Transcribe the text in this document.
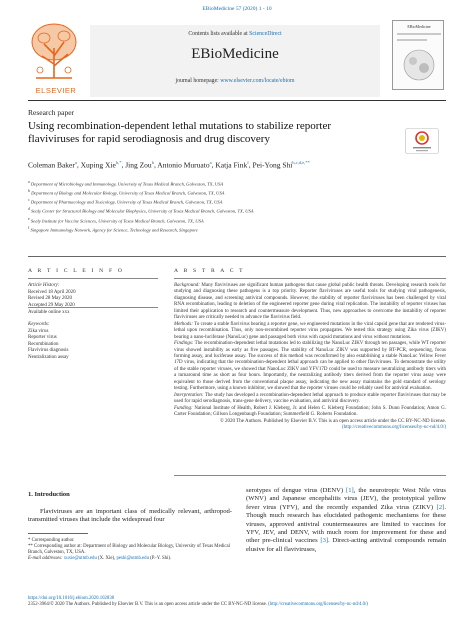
EBioMedicine 57 (2020) 1 - 10
ELSEVIER
Contents lists available at ScienceDirect
EBioMedicine
journal homepage: www.elsevier.com/locate/ebiom
EBioMedicine
Research paper
Using recombination-dependent lethal mutations to stabilize reporter flaviviruses for rapid serodiagnosis and drug discovery
Coleman Baker$^a$, Xuping Xie$^{b,*}$, Jing Zou$^b$, Antonio Muruato$^a$, Katja Fink$^f$, Pei-Yong Shi$^{b,c,d,e,**}$
$^a$ Department of Microbiology and Immunology, University of Texas Medical Branch, Galveston, TX, USA
$^b$ Department of Biology and Molecular Biology, University of Texas Medical Branch, Galveston, TX, USA
$^c$ Department of Pharmacology and Toxicology, University of Texas Medical Branch, Galveston, TX, USA
$^d$ Sealy Center for Structural Biology and Molecular Biophysics, University of Texas Medical Branch, Galveston, TX, USA
$^e$ Sealy Institute for Vaccine Sciences, University of Texas Medical Branch, Galveston, TX, USA
$^f$ Singapore Immunology Network, Agency for Science, Technology and Research, Singapore
A R T I C L E I N F O	A B S T R A C T
Article History:
Received 18 April 2020
Revised 28 May 2020
Accepted 29 May 2020
Available online xxx
Keywords:
Zika virus
Reporter virus
Recombination
Flavivirus diagnosis
Neutralization assay

Background: Many flaviviruses are significant human pathogens that cause global public health threats. Developing research tools for studying and diagnosing these pathogens is a top priority. Reporter flaviviruses are useful tools for studying viral pathogenesis, diagnosing disease, and screening antiviral compounds. However, the stability of reporter flaviviruses has been challenged by viral RNA recombination, leading to deletion of the engineered reporter gene during viral replication. The instability of reporter viruses has limited their application to research and countermeasure development. Thus, new approaches to overcome the instability of reporter flaviviruses are critically needed to advance the flavivirus field.

Methods: To create a stable flavivirus bearing a reporter gene, we engineered mutations in the viral capsid gene that are rendered virus-lethal upon recombination. Thus, only non-recombined reporter virus propagates. We tested this strategy using Zika virus (ZIKV) bearing a nano-luciferase (NanoLuc) gene and passaged both virus with capsid mutations and virus without mutations.

Findings: The recombination-dependent lethal mutations led to stabilizing the NanoLuc ZIKV through ten passages, while WT reporter virus showed instability as early as five passages. The stability of NanoLuc ZIKV was supported by RT-PCR, sequencing, focus forming assay, and luciferase assay. The success of this method was reconfirmed by also establishing a stable NanoLuc Yellow Fever 17D virus, indicating that the recombination-dependent lethal approach can be applied to other flaviviruses. To demonstrate the utility of the stable reporter viruses, we showed that NanoLuc ZIKV and YFV17D could be used to measure neutralizing antibody titers with a turnaround time as short as four hours. Importantly, the neutralizing antibody titers derived from the reporter virus assay were equivalent to those derived from the conventional plaque assay, indicating the new assay maintains the gold standard of serology testing. Furthermore, using a known inhibitor, we showed that the reporter viruses could be reliably used for antiviral evaluation.

Interpretation: The study has developed a recombination-dependent lethal approach to produce stable reporter flaviviruses that may be used for rapid serodiagnosis, trans-gene delivery, vaccine evaluation, and antiviral discovery.

Funding: National Institute of Health, Robert J. Kleberg, Jr. and Helen C. Kleberg Foundation; John S. Dunn Foundation; Amon G. Carter Foundation; Gillson Longenbaugh Foundation; Summerfield G. Roberts Foundation.

© 2020 The Authors. Published by Elsevier B.V. This is an open access article under the CC BY-NC-ND license.

(http://creativecommons.org/licenses/by-nc-nd/4.0/)

1. Introduction

Flaviviruses are an important class of medically relevant, arthropod-transmitted viruses that include the widespread four

serotypes of dengue virus (DENV) [1], the neurotropic West Nile virus (WNV) and Japanese encephalitis virus (JEV), the prototypical yellow fever virus (YFV), and the recently expanded Zika virus (ZIKV) [2]. Though much research has elucidated pathogenic mechanisms for these viruses, approved antiviral countermeasures are limited to vaccines for YFV, JEV, and DENV, with much room for improvement for these and other pre-clinical vaccines [3]. Direct-acting antiviral compounds remain elusive for all flaviviruses,

* Corresponding author.
** Corresponding author at: Department of Biology and Molecular Biology, University of Texas Medical Branch, Galveston, TX, USA.
E-mail addresses: xuxie@utmb.edu (X. Xie), peshi@utmb.edu (P.-Y. Shi).
https://doi.org/10.1016/j.ebiom.2020.102838
2352-3964/© 2020 The Authors. Published by Elsevier B.V. This is an open access article under the CC BY-NC-ND license. (http://creativecommons.org/licenses/by-nc-nd/4.0/)
